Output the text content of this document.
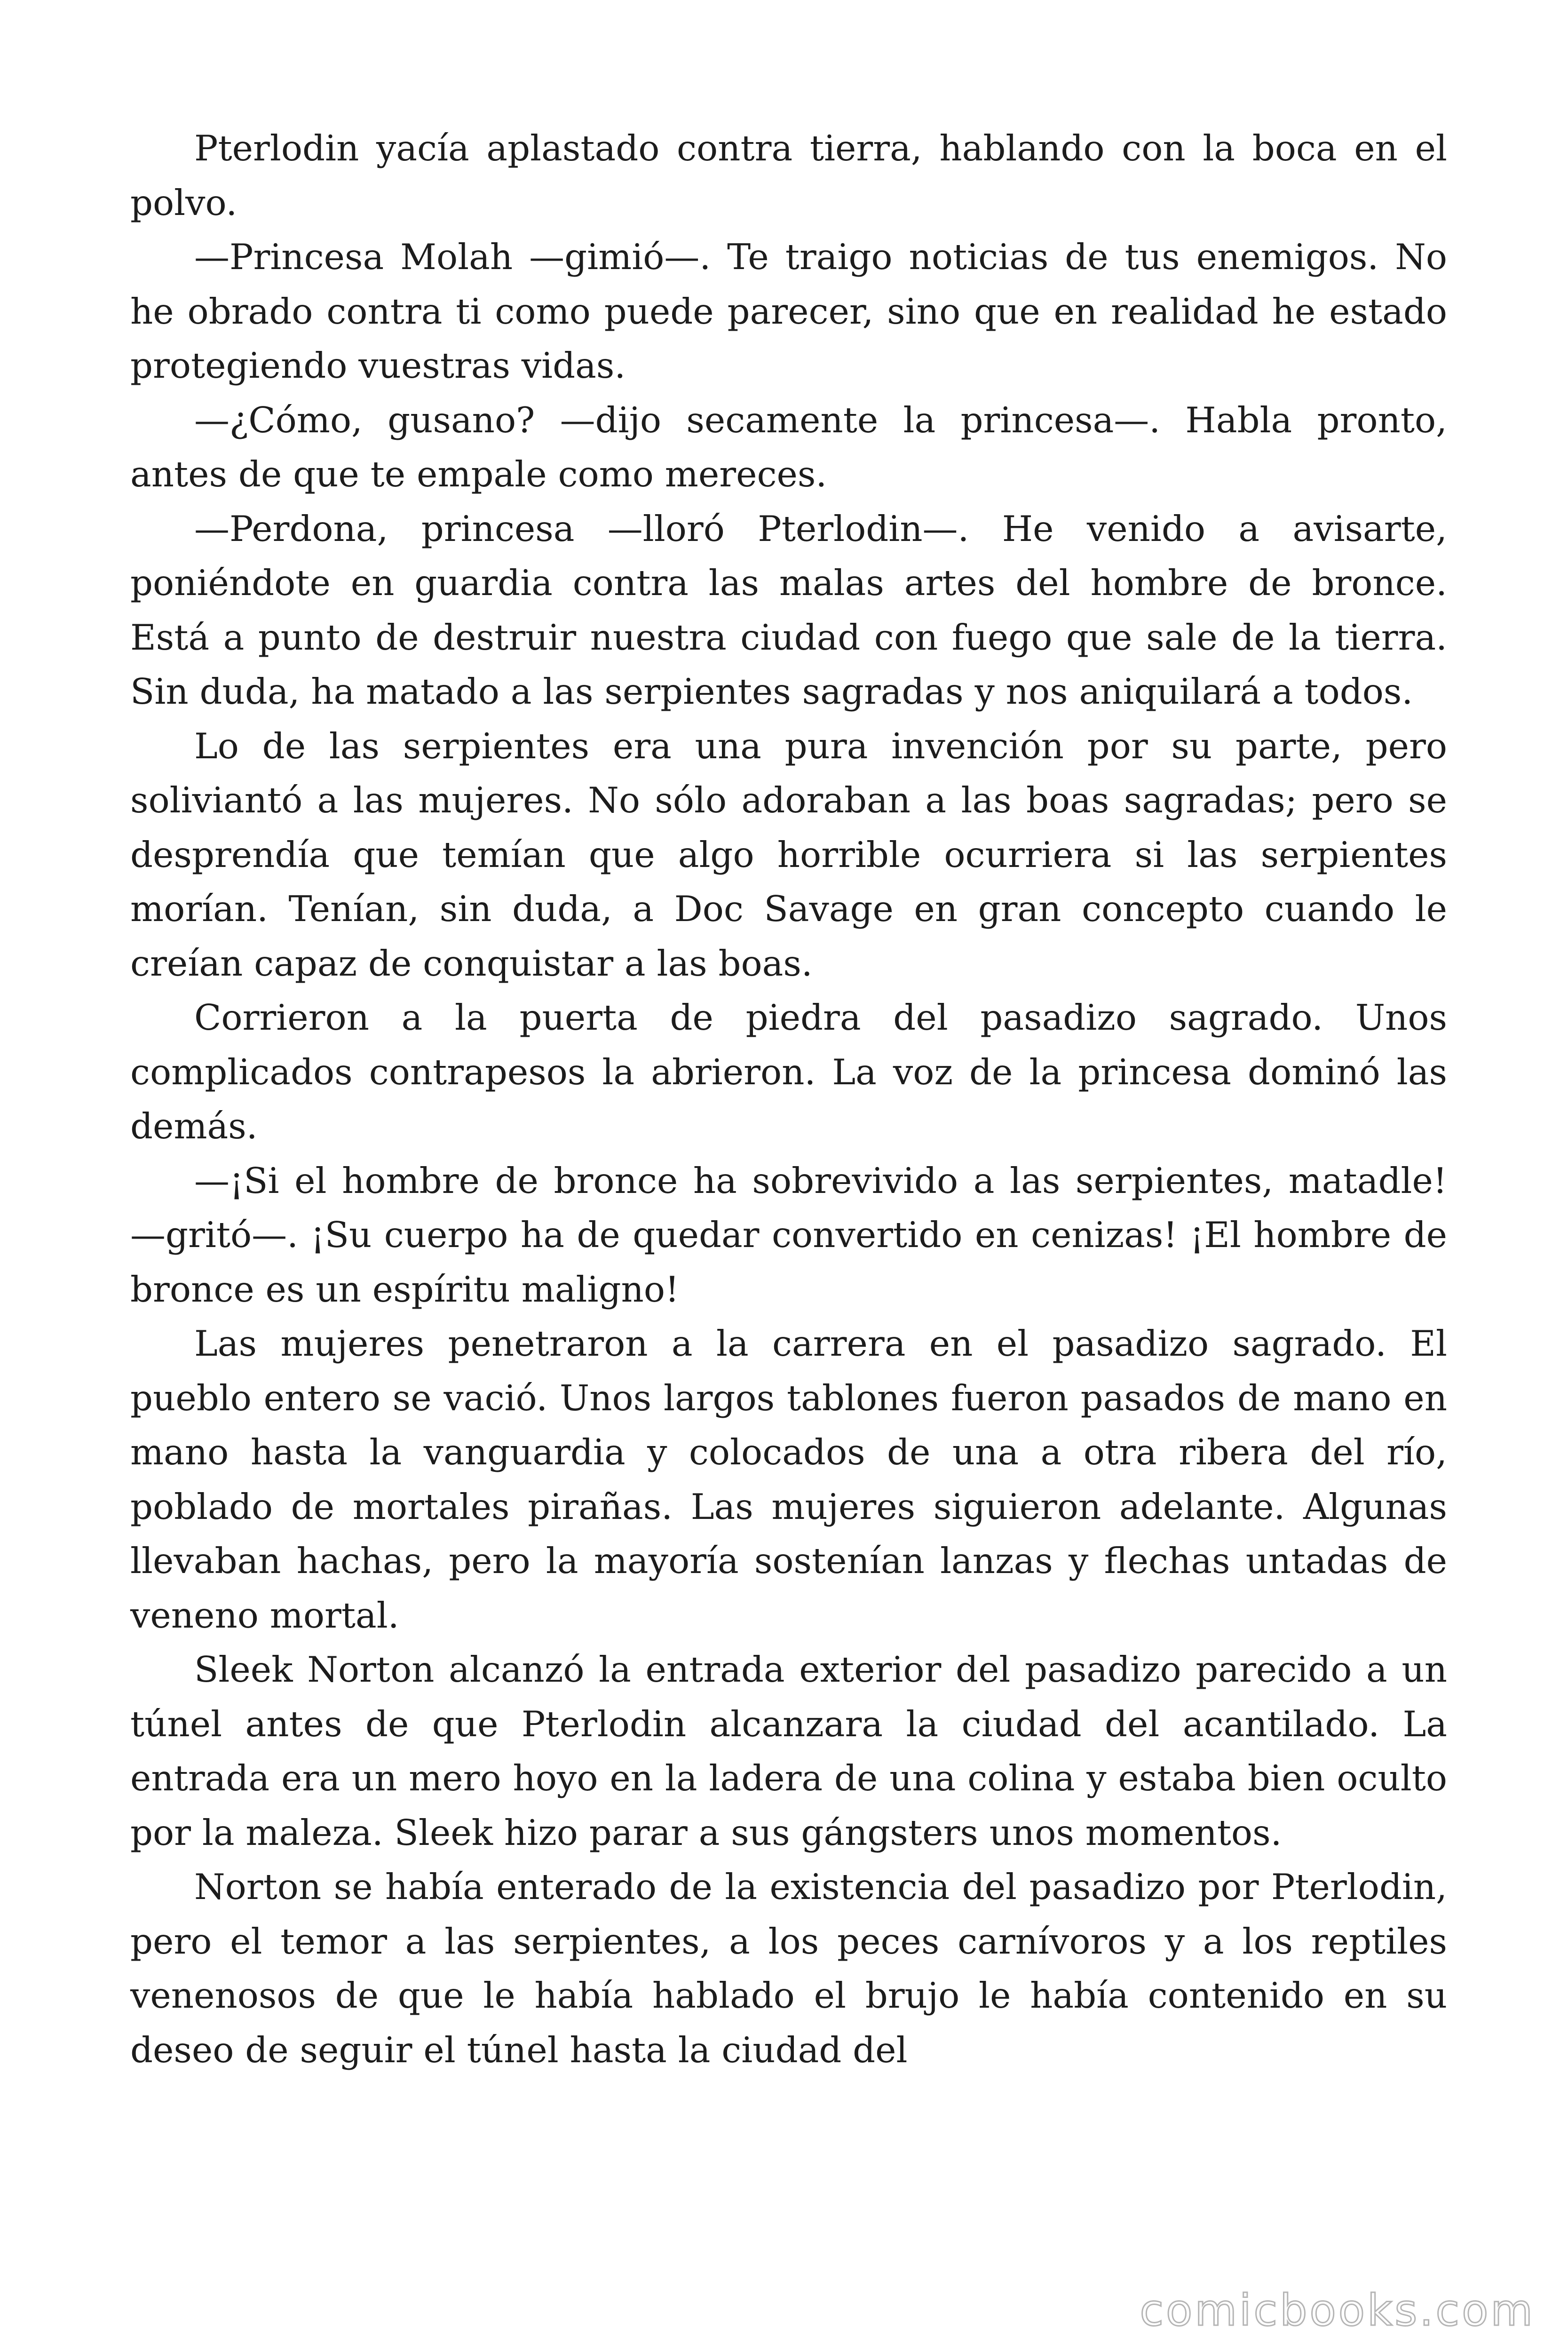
Pterlodin yacía aplastado contra tierra, hablando con la boca en el polvo.

—Princesa Molah —gimió—. Te traigo noticias de tus enemigos. No he obrado contra ti como puede parecer, sino que en realidad he estado protegiendo vuestras vidas.

—¿Cómo, gusano? —dijo secamente la princesa—. Habla pronto, antes de que te empale como mereces.

—Perdona, princesa —lloró Pterlodin—. He venido a avisarte, poniéndote en guardia contra las malas artes del hombre de bronce. Está a punto de destruir nuestra ciudad con fuego que sale de la tierra. Sin duda, ha matado a las serpientes sagradas y nos aniquilará a todos.

Lo de las serpientes era una pura invención por su parte, pero soliviantó a las mujeres. No sólo adoraban a las boas sagradas; pero se desprendía que temían que algo horrible ocurriera si las serpientes morían. Tenían, sin duda, a Doc Savage en gran concepto cuando le creían capaz de conquistar a las boas.

Corrieron a la puerta de piedra del pasadizo sagrado. Unos complicados contrapesos la abrieron. La voz de la princesa dominó las demás.

—¡Si el hombre de bronce ha sobrevivido a las serpientes, matadle! —gritó—. ¡Su cuerpo ha de quedar convertido en cenizas! ¡El hombre de bronce es un espíritu maligno!

Las mujeres penetraron a la carrera en el pasadizo sagrado. El pueblo entero se vació. Unos largos tablones fueron pasados de mano en mano hasta la vanguardia y colocados de una a otra ribera del río, poblado de mortales pirañas. Las mujeres siguieron adelante. Algunas llevaban hachas, pero la mayoría sostenían lanzas y flechas untadas de veneno mortal.

Sleek Norton alcanzó la entrada exterior del pasadizo parecido a un túnel antes de que Pterlodin alcanzara la ciudad del acantilado. La entrada era un mero hoyo en la ladera de una colina y estaba bien oculto por la maleza. Sleek hizo parar a sus gángsters unos momentos.

Norton se había enterado de la existencia del pasadizo por Pterlodin, pero el temor a las serpientes, a los peces carnívoros y a los reptiles venenosos de que le había hablado el brujo le había contenido en su deseo de seguir el túnel hasta la ciudad del

comicbooks.com
